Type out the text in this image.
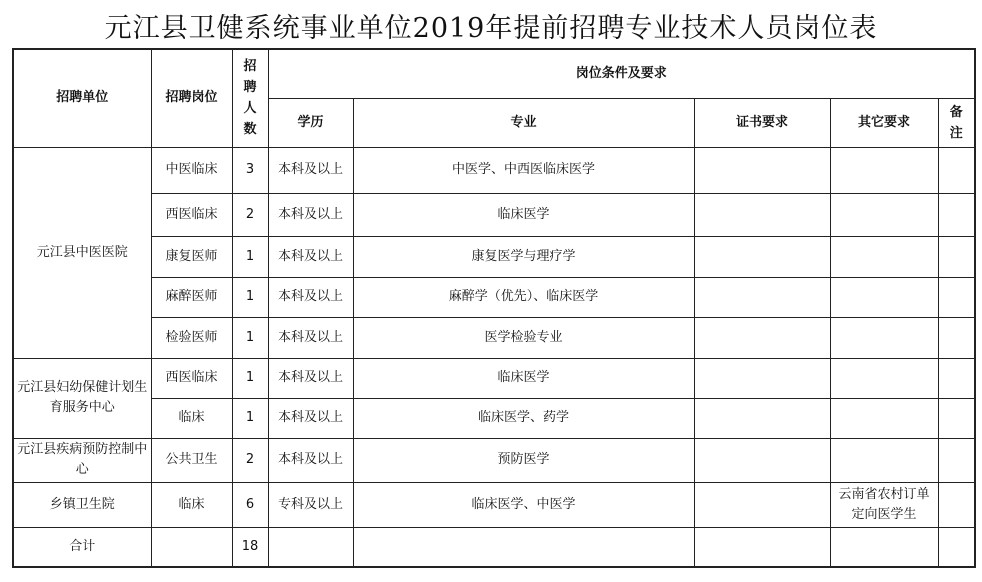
元江县卫健系统事业单位2019年提前招聘专业技术人员岗位表
招聘单位	招聘岗位	招聘人数	岗位条件及要求				
			学历	专业	证书要求	其它要求	备注

元江县中医医院	中医临床	3	本科及以上	中医学、中西医临床医学			
	西医临床	2	本科及以上	临床医学			
	康复医师	1	本科及以上	康复医学与理疗学			
	麻醉医师	1	本科及以上	麻醉学（优先）、临床医学			
	检验医师	1	本科及以上	医学检验专业			
元江县妇幼保健计划生育服务中心	西医临床	1	本科及以上	临床医学			
	临床	1	本科及以上	临床医学、药学			
元江县疾病预防控制中心	公共卫生	2	本科及以上	预防医学			
乡镇卫生院	临床	6	专科及以上	临床医学、中医学		云南省农村订单定向医学生	
合计		18					
